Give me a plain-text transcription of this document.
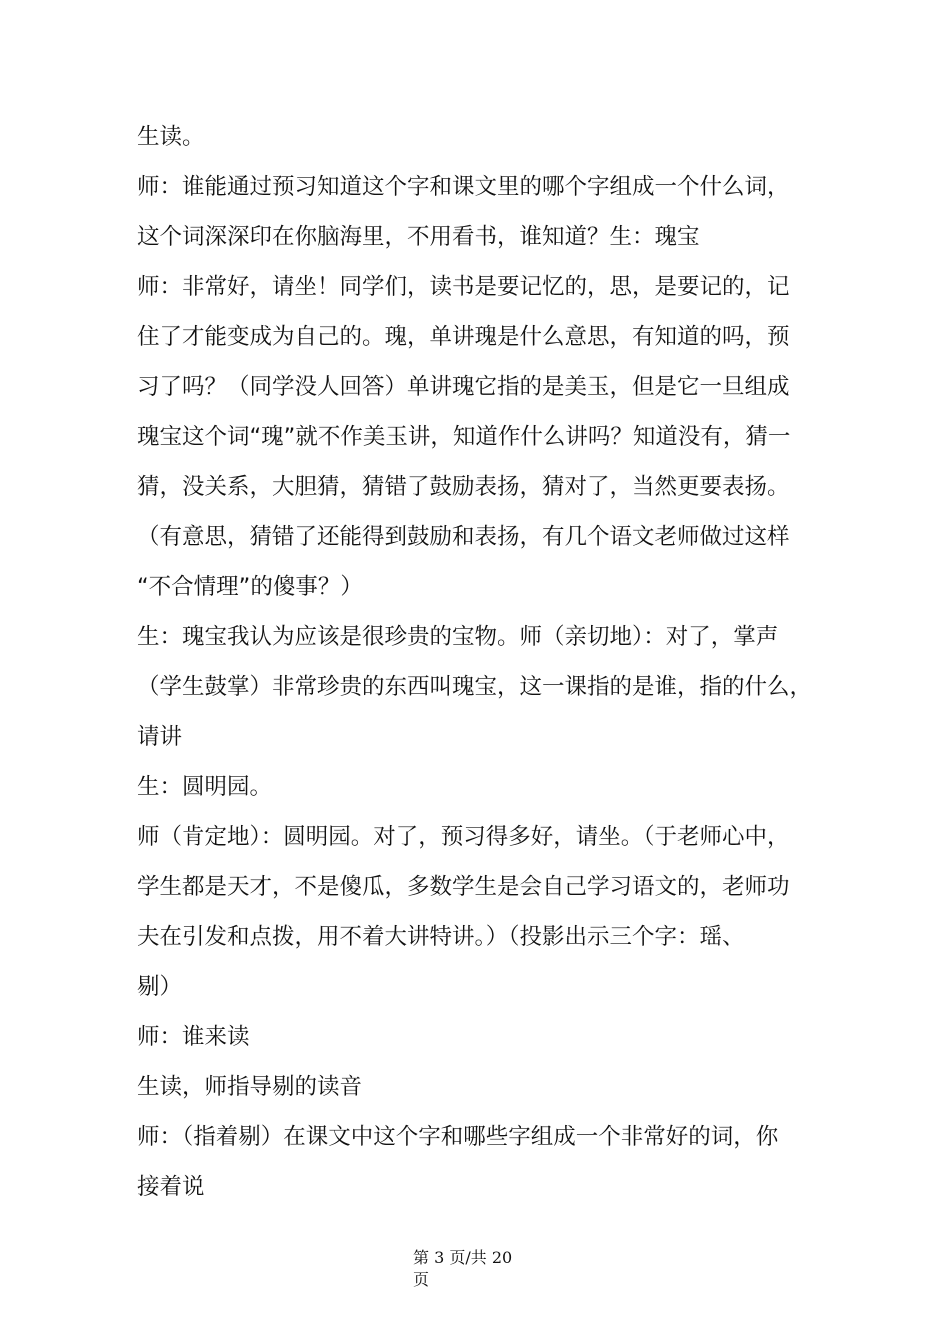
生读。

师：谁能通过预习知道这个字和课文里的哪个字组成一个什么词，

这个词深深印在你脑海里，不用看书，谁知道？生：瑰宝

师：非常好，请坐！同学们，读书是要记忆的，思，是要记的，记

住了才能变成为自己的。瑰，单讲瑰是什么意思，有知道的吗，预

习了吗？（同学没人回答）单讲瑰它指的是美玉，但是它一旦组成

瑰宝这个词“瑰”就不作美玉讲，知道作什么讲吗？知道没有，猜一

猜，没关系，大胆猜，猜错了鼓励表扬，猜对了，当然更要表扬。

（有意思，猜错了还能得到鼓励和表扬，有几个语文老师做过这样

“不合情理”的傻事？）

生：瑰宝我认为应该是很珍贵的宝物。师（亲切地）：对了，掌声

（学生鼓掌）非常珍贵的东西叫瑰宝，这一课指的是谁，指的什么，

请讲

生：圆明园。

师（肯定地）：圆明园。对了，预习得多好，请坐。（于老师心中，

学生都是天才，不是傻瓜，多数学生是会自己学习语文的，老师功

夫在引发和点拨，用不着大讲特讲。）（投影出示三个字：瑶、

剔）

师：谁来读

生读，师指导剔的读音

师：（指着剔）在课文中这个字和哪些字组成一个非常好的词，你

接着说

第 3 页/共 20
页
